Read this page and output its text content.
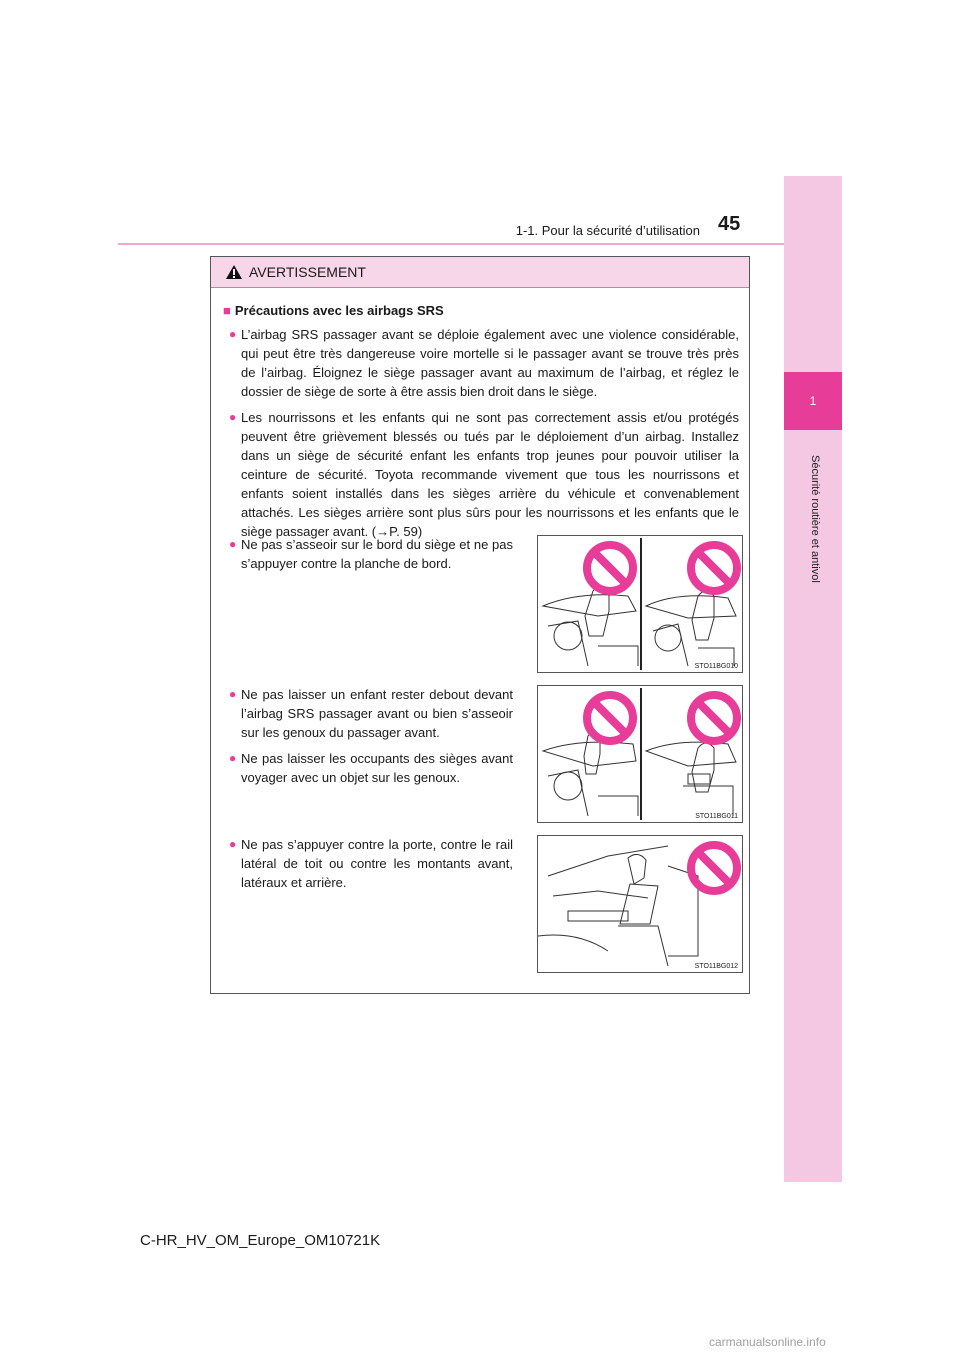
1
Sécurité routière et antivol
1-1. Pour la sécurité d’utilisation 45
AVERTISSEMENT
■ Précautions avec les airbags SRS
● L’airbag SRS passager avant se déploie également avec une violence considérable, qui peut être très dangereuse voire mortelle si le passager avant se trouve très près de l’airbag. Éloignez le siège passager avant au maximum de l’airbag, et réglez le dossier de siège de sorte à être assis bien droit dans le siège.
● Les nourrissons et les enfants qui ne sont pas correctement assis et/ou protégés peuvent être grièvement blessés ou tués par le déploiement d’un airbag. Installez dans un siège de sécurité enfant les enfants trop jeunes pour pouvoir utiliser la ceinture de sécurité. Toyota recommande vivement que tous les nourrissons et enfants soient installés dans les sièges arrière du véhicule et convenablement attachés. Les sièges arrière sont plus sûrs pour les nourrissons et les enfants que le siège passager avant. (→P. 59)
● Ne pas s’asseoir sur le bord du siège et ne pas s’appuyer contre la planche de bord.
STO11BG010
● Ne pas laisser un enfant rester debout devant l’airbag SRS passager avant ou bien s’asseoir sur les genoux du passager avant.
● Ne pas laisser les occupants des sièges avant voyager avec un objet sur les genoux.
STO11BG011
● Ne pas s’appuyer contre la porte, contre le rail latéral de toit ou contre les montants avant, latéraux et arrière.
STO11BG012
C-HR_HV_OM_Europe_OM10721K
carmanualsonline.info
